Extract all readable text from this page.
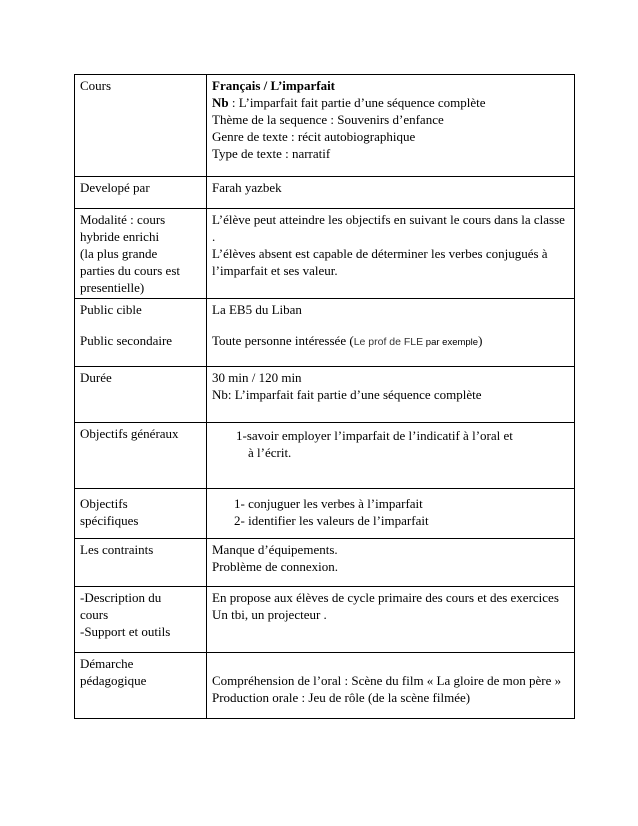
Cours	Français / L’imparfait
Nb : L’imparfait fait partie d’une séquence complète
Thème de la sequence : Souvenirs d’enfance
Genre de texte : récit autobiographique
Type de texte : narratif

Developé par	Farah yazbek

Modalité : cours
hybride enrichi
(la plus grande
parties du cours est
presentielle)	L’élève peut atteindre les objectifs en suivant le cours dans la classe .
L’élèves absent est capable de déterminer les verbes conjugués à l’imparfait et ses valeur.

Public cible
Public secondaire	La EB5 du Liban
Toute personne intéressée (Le prof de FLE par exemple)

Durée	30 min / 120 min
Nb: L’imparfait fait partie d’une séquence complète

Objectifs généraux	1-savoir employer l’imparfait de l’indicatif à l’oral et
à l’écrit.

Objectifs
spécifiques	1- conjuguer les verbes à l’imparfait
2- identifier les valeurs de l’imparfait

Les contraints	Manque d’équipements.
Problème de connexion.

-Description du
cours
-Support et outils	En propose aux élèves de cycle primaire des cours et des exercices
Un tbi, un projecteur .

Démarche
pédagogique	Compréhension de l’oral : Scène du film « La gloire de mon père »
Production orale : Jeu de rôle (de la scène filmée)
